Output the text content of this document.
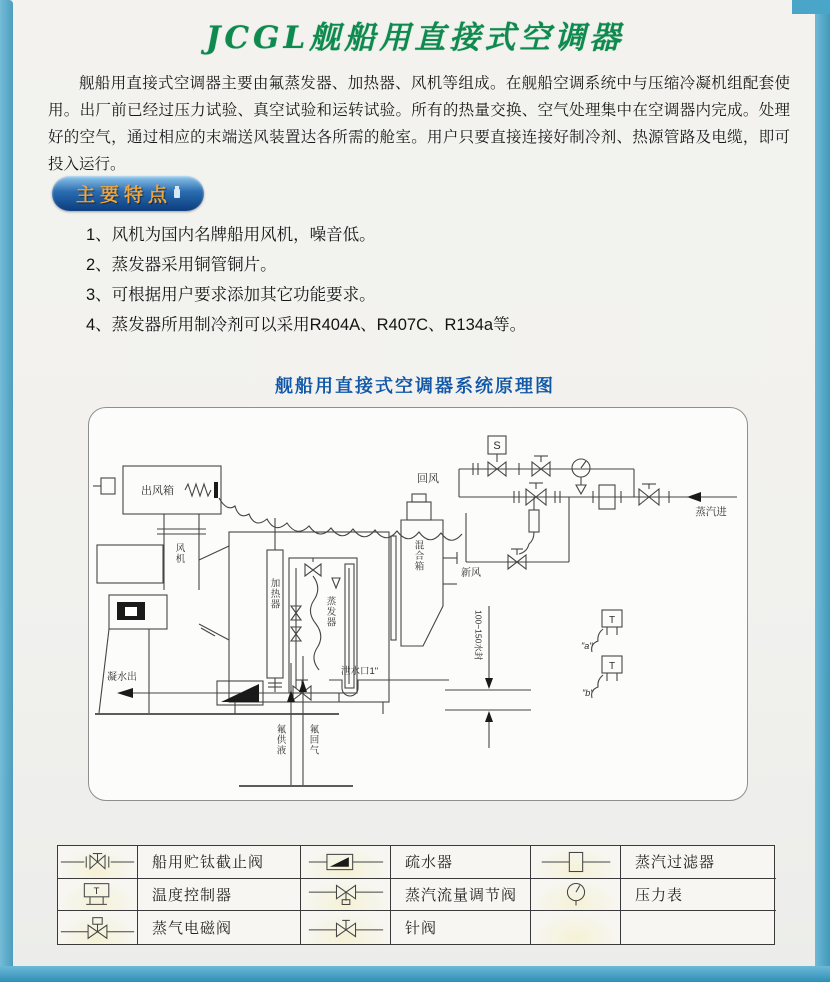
JCGL舰船用直接式空调器
舰船用直接式空调器主要由氟蒸发器、加热器、风机等组成。在舰船空调系统中与压缩冷凝机组配套使用。出厂前已经过压力试验、真空试验和运转试验。所有的热量交换、空气处理集中在空调器内完成。处理好的空气，通过相应的末端送风装置达各所需的舱室。用户只要直接连接好制冷剂、热源管路及电缆，即可投入运行。
主要特点
1、风机为国内名牌船用风机，噪音低。
2、蒸发器采用铜管铜片。
3、可根据用户要求添加其它功能要求。
4、蒸发器所用制冷剂可以采用R404A、R407C、R134a等。
舰船用直接式空调器系统原理图
出风箱
新风
回风
S
蒸汽进
凝水出
泄水口1"
T
"a"
T
"b"
风机
加热器
蒸发器
混合箱
氟供液 氟回气
100~150水封
船用贮钛截止阀	疏水器	蒸汽过滤器
T	温度控制器	蒸汽流量调节阀	压力表
蒸气电磁阀	针阀
